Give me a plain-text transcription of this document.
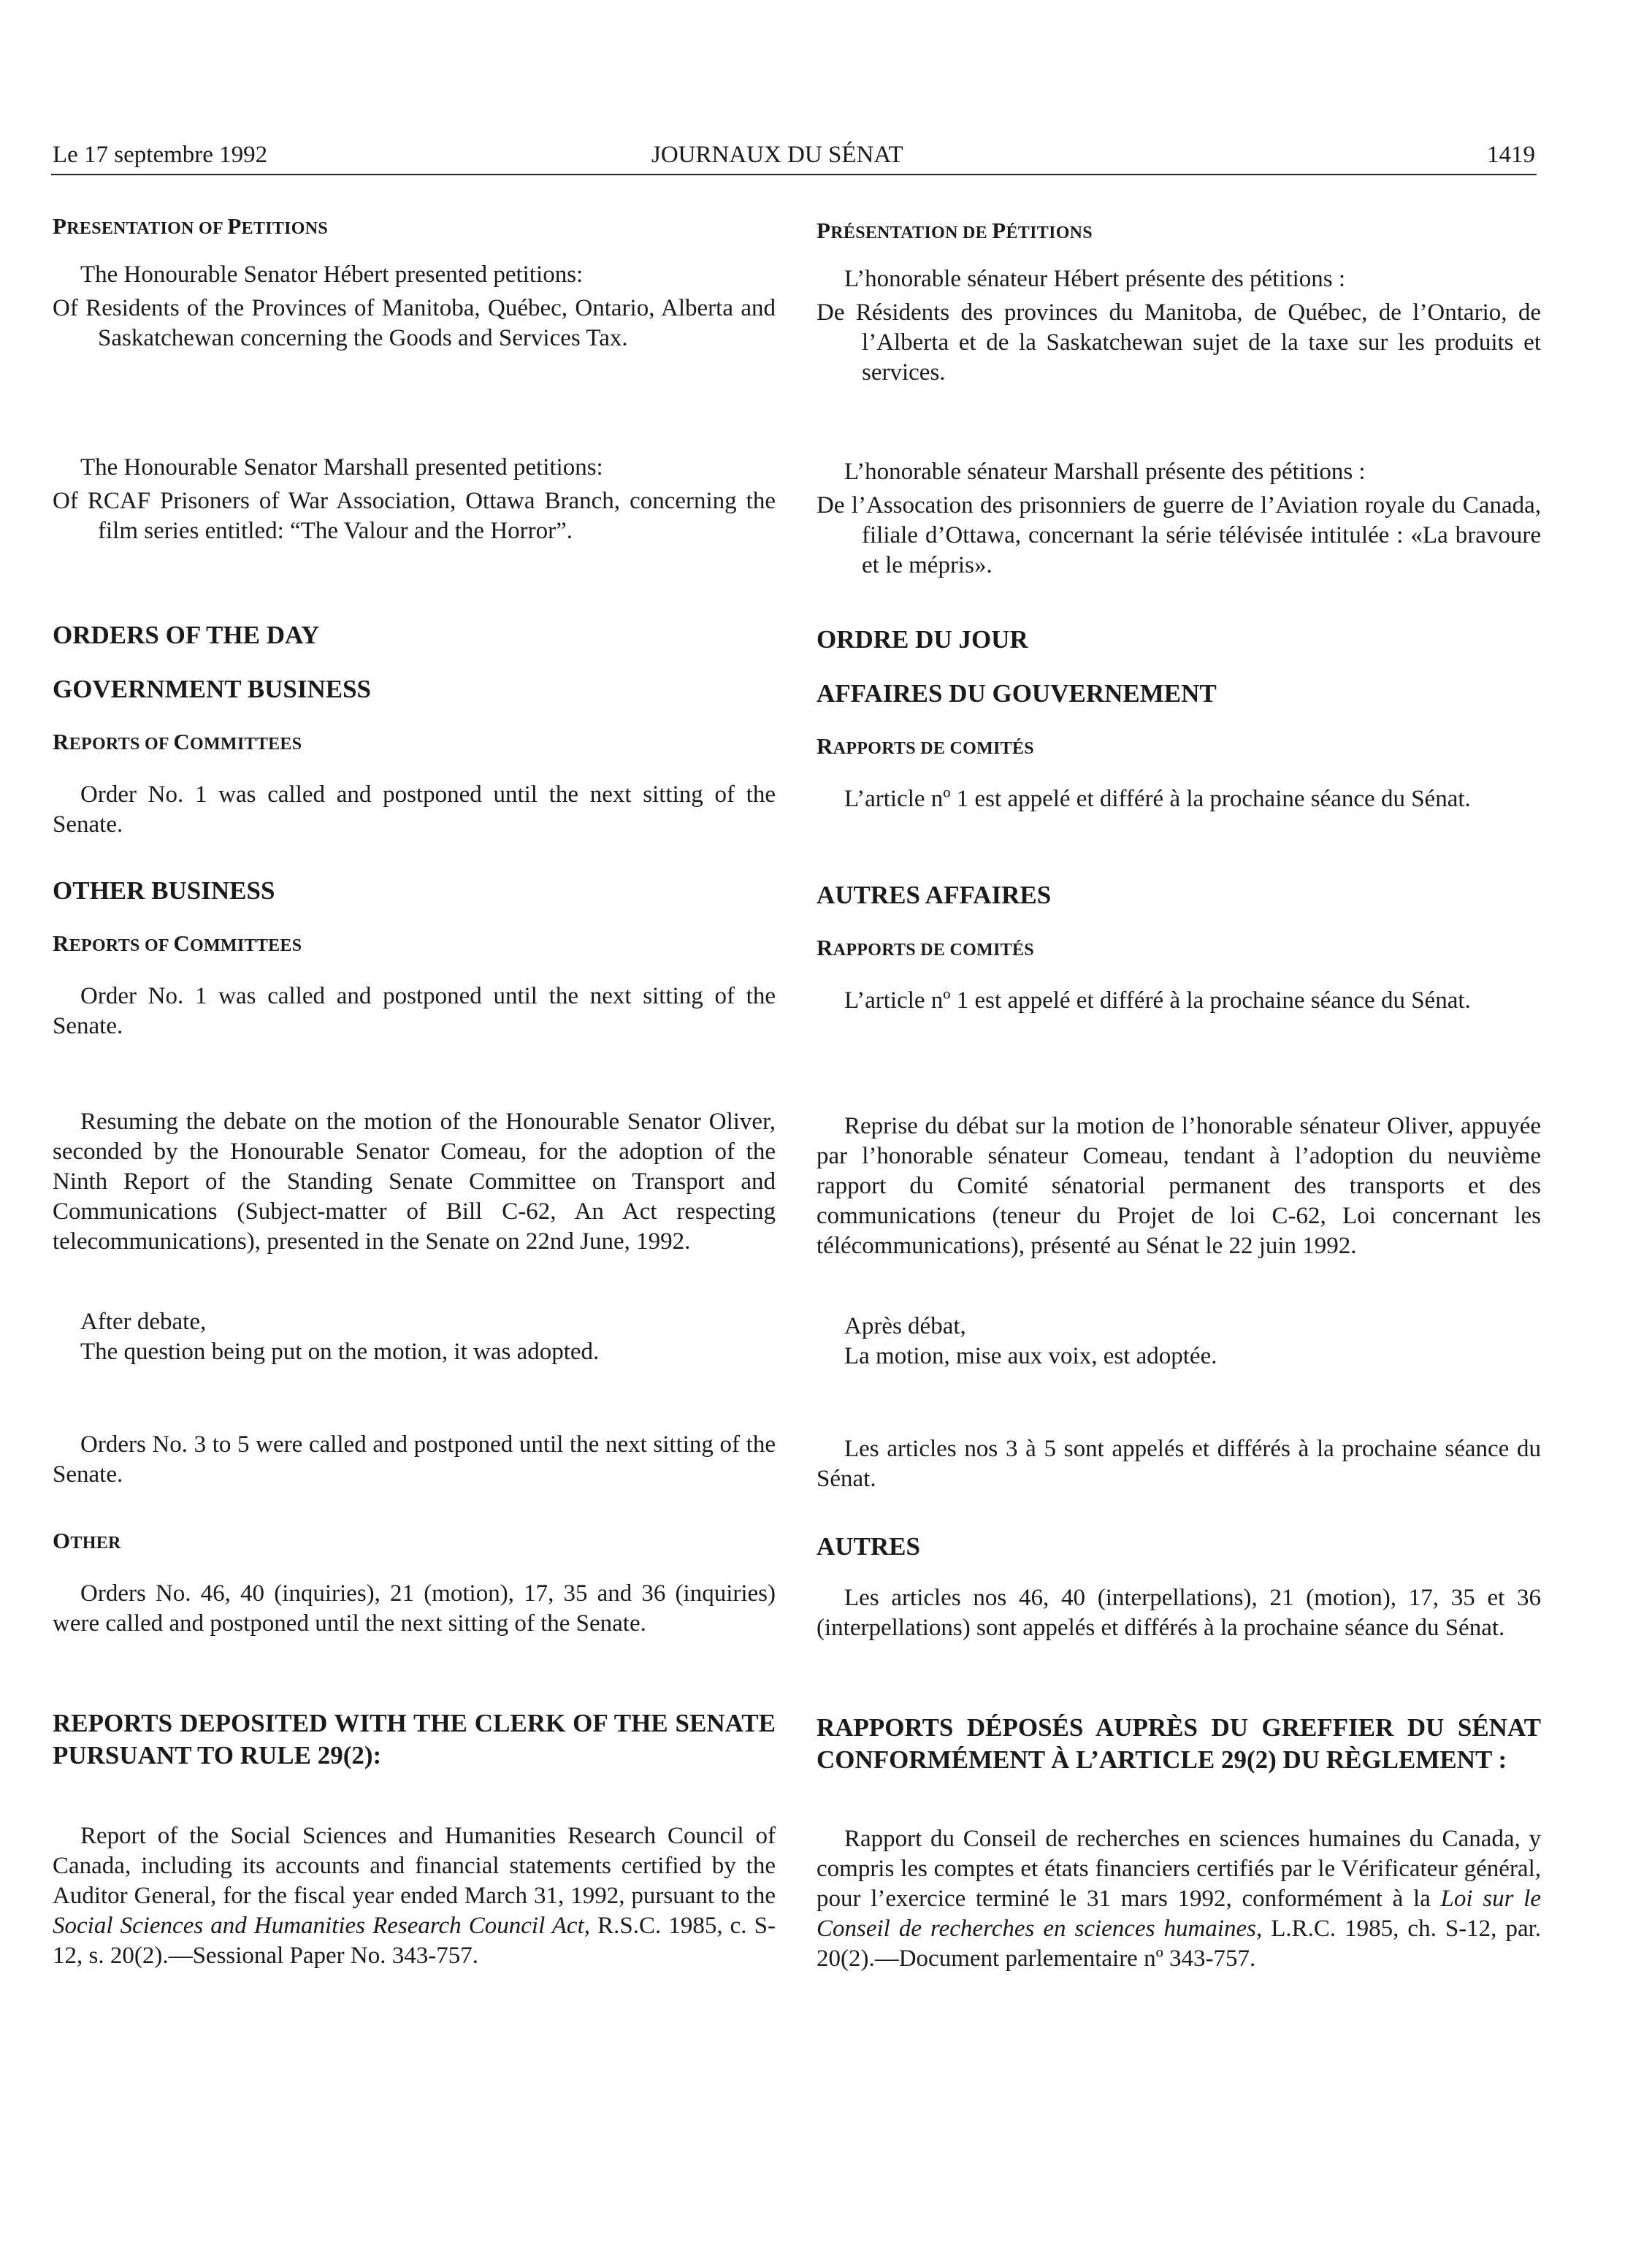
Le 17 septembre 1992	JOURNAUX DU SÉNAT	1419
PRESENTATION OF PETITIONS

The Honourable Senator Hébert presented petitions:

Of Residents of the Provinces of Manitoba, Québec, Ontario, Alberta and Saskatchewan concerning the Goods and Services Tax.

The Honourable Senator Marshall presented petitions:

Of RCAF Prisoners of War Association, Ottawa Branch, concerning the film series entitled: “The Valour and the Horror”.

ORDERS OF THE DAY
GOVERNMENT BUSINESS
REPORTS OF COMMITTEES

Order No. 1 was called and postponed until the next sitting of the Senate.

OTHER BUSINESS
REPORTS OF COMMITTEES

Order No. 1 was called and postponed until the next sitting of the Senate.

Resuming the debate on the motion of the Honourable Senator Oliver, seconded by the Honourable Senator Comeau, for the adoption of the Ninth Report of the Standing Senate Committee on Transport and Communications (Subject-matter of Bill C-62, An Act respecting telecommunications), presented in the Senate on 22nd June, 1992.

After debate,

The question being put on the motion, it was adopted.

Orders No. 3 to 5 were called and postponed until the next sitting of the Senate.

OTHER

Orders No. 46, 40 (inquiries), 21 (motion), 17, 35 and 36 (inquiries) were called and postponed until the next sitting of the Senate.

REPORTS DEPOSITED WITH THE CLERK OF THE SENATE PURSUANT TO RULE 29(2):

Report of the Social Sciences and Humanities Research Council of Canada, including its accounts and financial statements certified by the Auditor General, for the fiscal year ended March 31, 1992, pursuant to the Social Sciences and Humanities Research Council Act, R.S.C. 1985, c. S-12, s. 20(2).—Sessional Paper No. 343-757.

PRÉSENTATION DE PÉTITIONS

L’honorable sénateur Hébert présente des pétitions :

De Résidents des provinces du Manitoba, de Québec, de l’Ontario, de l’Alberta et de la Saskatchewan sujet de la taxe sur les produits et services.

L’honorable sénateur Marshall présente des pétitions :

De l’Assocation des prisonniers de guerre de l’Aviation royale du Canada, filiale d’Ottawa, concernant la série télévisée intitulée : «La bravoure et le mépris».

ORDRE DU JOUR
AFFAIRES DU GOUVERNEMENT
RAPPORTS DE COMITÉS

L’article nº 1 est appelé et différé à la prochaine séance du Sénat.

AUTRES AFFAIRES
RAPPORTS DE COMITÉS

L’article nº 1 est appelé et différé à la prochaine séance du Sénat.

Reprise du débat sur la motion de l’honorable sénateur Oliver, appuyée par l’honorable sénateur Comeau, tendant à l’adoption du neuvième rapport du Comité sénatorial permanent des transports et des communications (teneur du Projet de loi C-62, Loi concernant les télécommunications), présenté au Sénat le 22 juin 1992.

Après débat,

La motion, mise aux voix, est adoptée.

Les articles nos 3 à 5 sont appelés et différés à la prochaine séance du Sénat.

AUTRES

Les articles nos 46, 40 (interpellations), 21 (motion), 17, 35 et 36 (interpellations) sont appelés et différés à la prochaine séance du Sénat.

RAPPORTS DÉPOSÉS AUPRÈS DU GREFFIER DU SÉNAT CONFORMÉMENT À L’ARTICLE 29(2) DU RÈGLEMENT :

Rapport du Conseil de recherches en sciences humaines du Canada, y compris les comptes et états financiers certifiés par le Vérificateur général, pour l’exercice terminé le 31 mars 1992, conformément à la Loi sur le Conseil de recherches en sciences humaines, L.R.C. 1985, ch. S-12, par. 20(2).—Document parlementaire nº 343-757.
